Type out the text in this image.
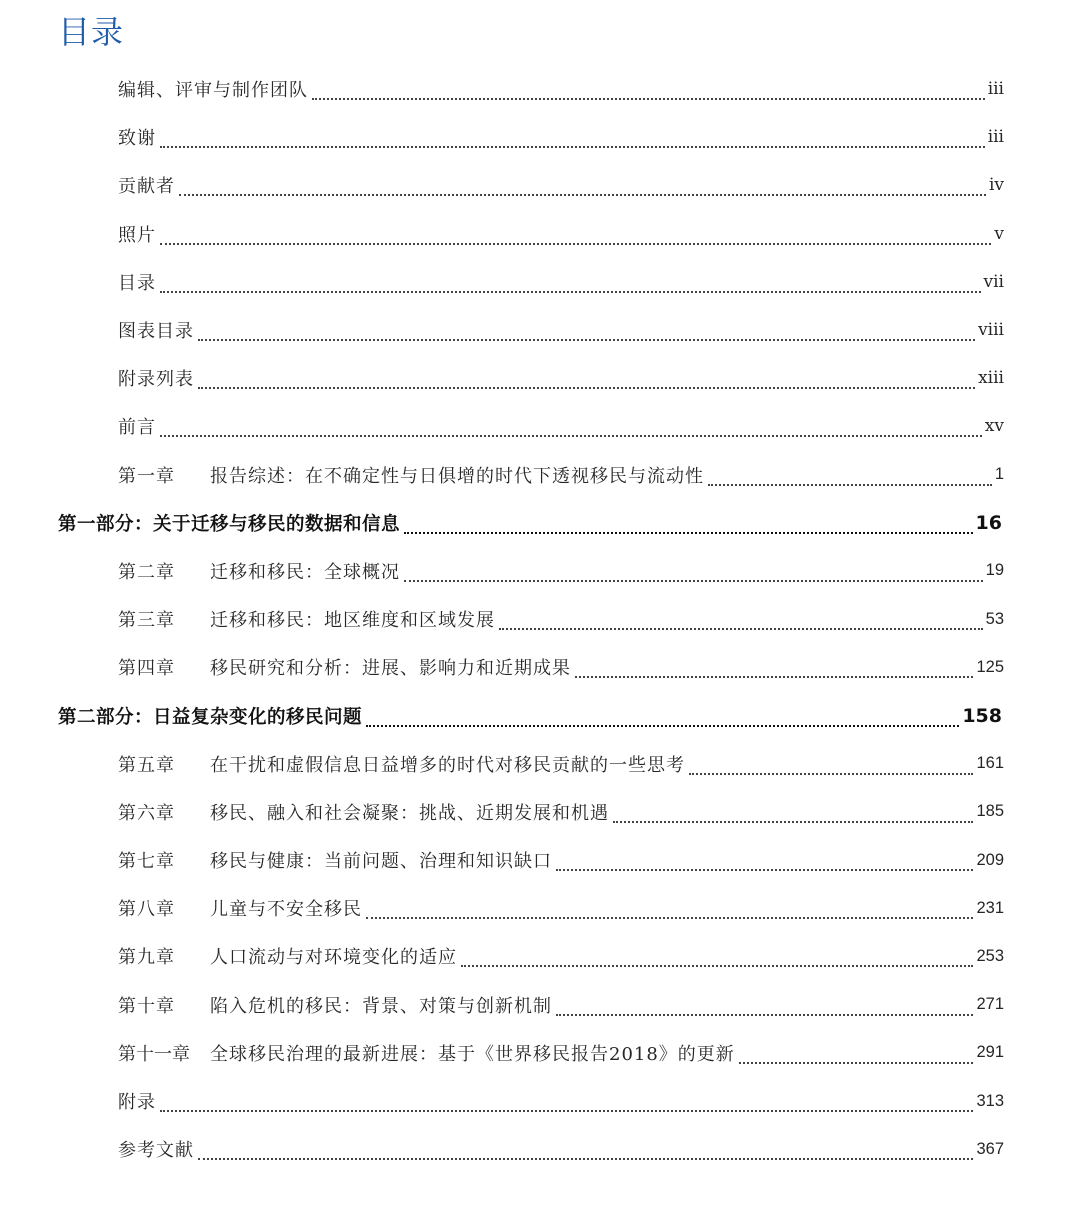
目录
编辑、评审与制作团队	iii
致谢	iii
贡献者	iv
照片	v
目录	vii
图表目录	viii
附录列表	xiii
前言	xv
第一章	报告综述：在不确定性与日俱增的时代下透视移民与流动性	1
第一部分：关于迁移与移民的数据和信息	16
第二章	迁移和移民：全球概况	19
第三章	迁移和移民：地区维度和区域发展	53
第四章	移民研究和分析：进展、影响力和近期成果	125
第二部分：日益复杂变化的移民问题	158
第五章	在干扰和虚假信息日益增多的时代对移民贡献的一些思考	161
第六章	移民、融入和社会凝聚：挑战、近期发展和机遇	185
第七章	移民与健康：当前问题、治理和知识缺口	209
第八章	儿童与不安全移民	231
第九章	人口流动与对环境变化的适应	253
第十章	陷入危机的移民：背景、对策与创新机制	271
第十一章	全球移民治理的最新进展：基于《世界移民报告2018》的更新	291
附录	313
参考文献	367
